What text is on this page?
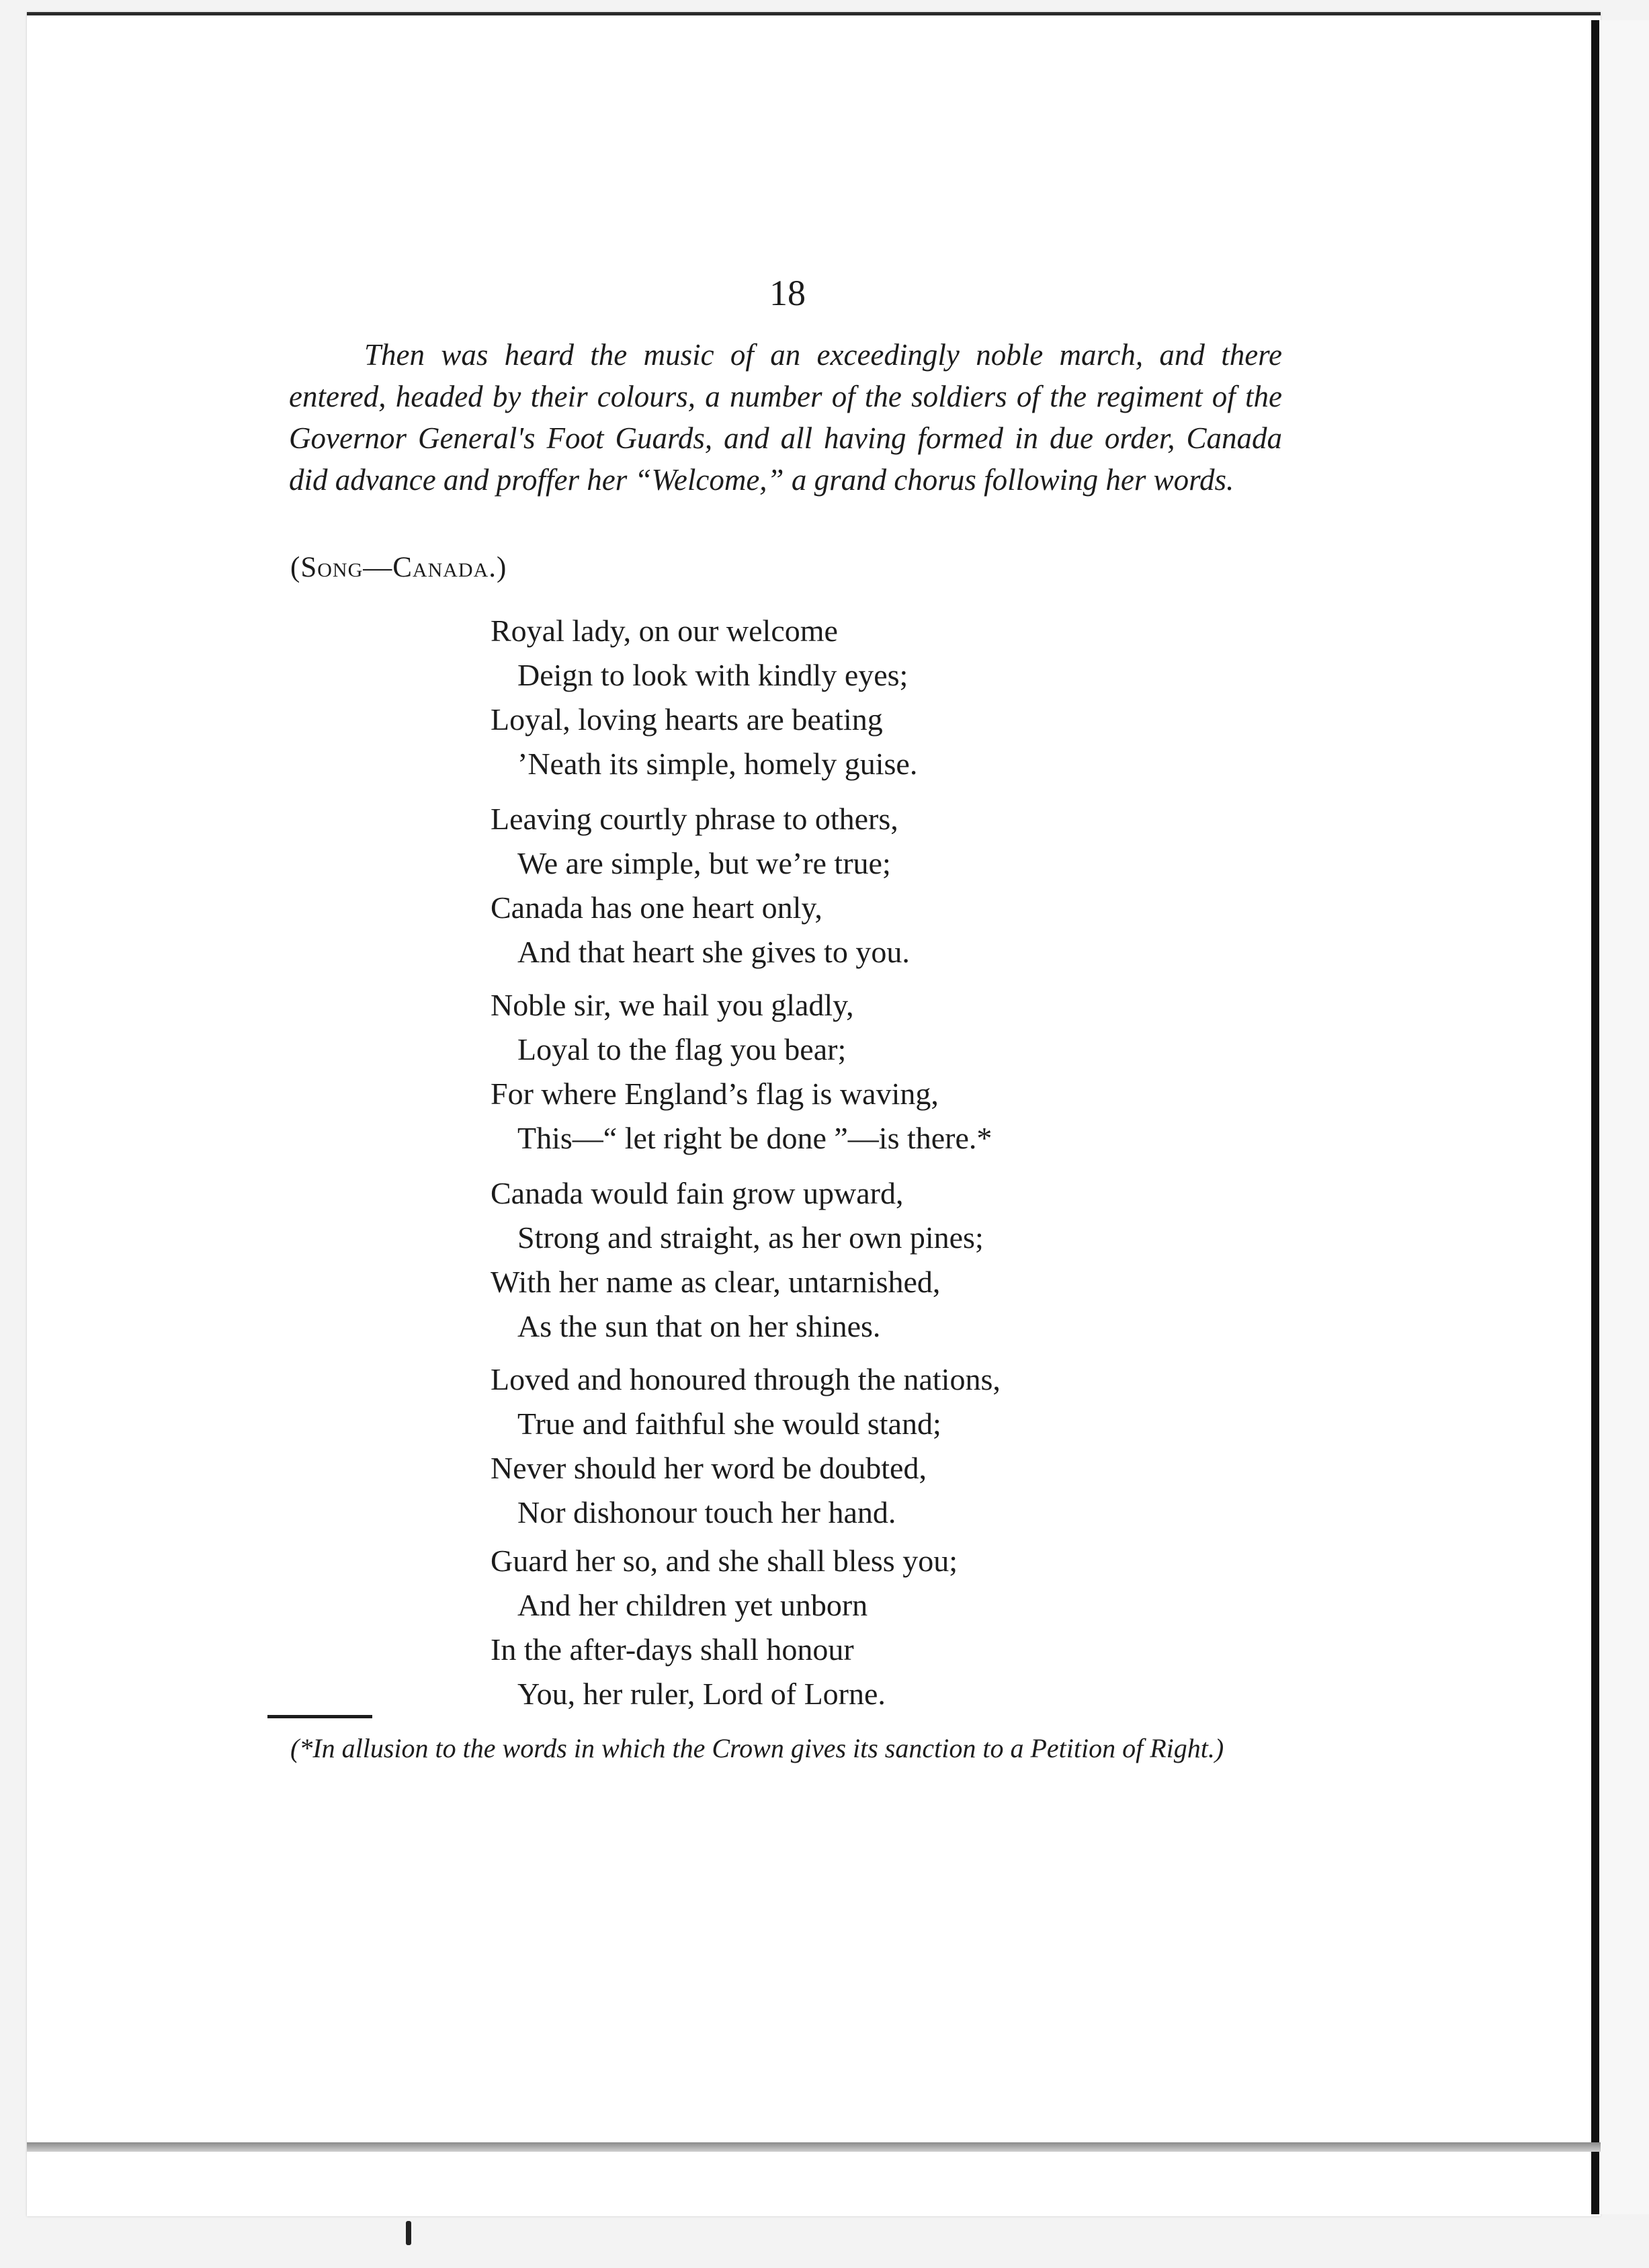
18
Then was heard the music of an exceedingly noble march, and there entered, headed by their colours, a number of the soldiers of the regiment of the Governor General's Foot Guards, and all having formed in due order, Canada did advance and proffer her “Welcome,” a grand chorus following her words.
(Song—Canada.)
Royal lady, on our welcome
Deign to look with kindly eyes;
Loyal, loving hearts are beating
’Neath its simple, homely guise.
Leaving courtly phrase to others,
We are simple, but we’re true;
Canada has one heart only,
And that heart she gives to you.
Noble sir, we hail you gladly,
Loyal to the flag you bear;
For where England’s flag is waving,
This—“ let right be done ”—is there.*
Canada would fain grow upward,
Strong and straight, as her own pines;
With her name as clear, untarnished,
As the sun that on her shines.
Loved and honoured through the nations,
True and faithful she would stand;
Never should her word be doubted,
Nor dishonour touch her hand.
Guard her so, and she shall bless you;
And her children yet unborn
In the after-days shall honour
You, her ruler, Lord of Lorne.
(*In allusion to the words in which the Crown gives its sanction to a Petition of Right.)
